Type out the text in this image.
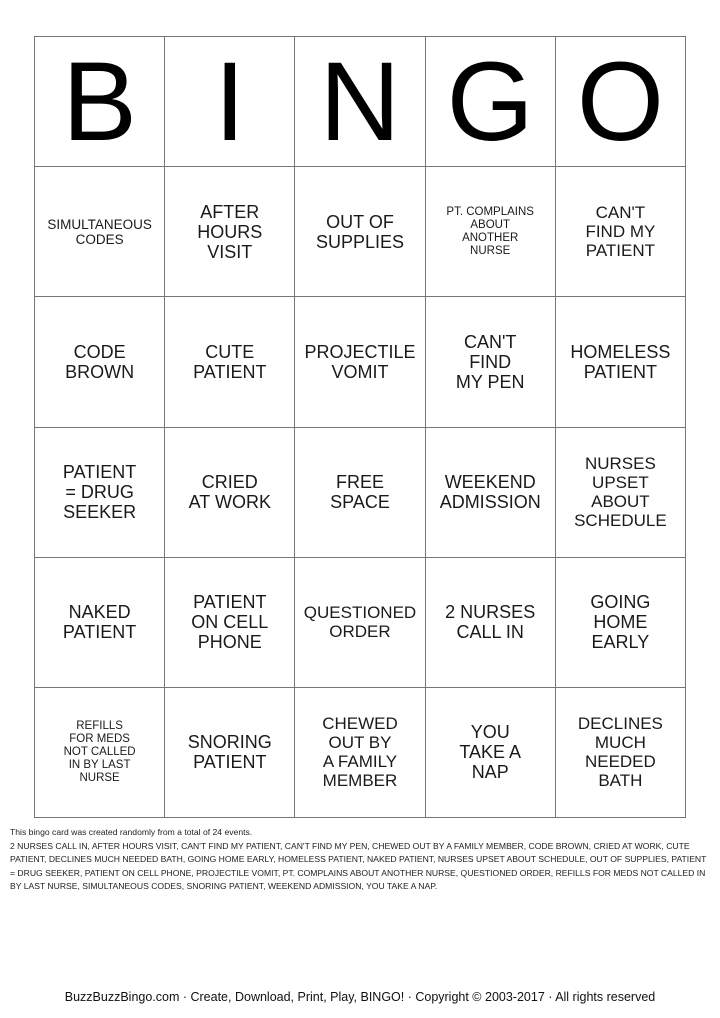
B I N G O
SIMULTANEOUS
CODES
AFTER
HOURS
VISIT
OUT OF
SUPPLIES
PT. COMPLAINS
ABOUT
ANOTHER
NURSE
CAN'T
FIND MY
PATIENT
CODE
BROWN
CUTE
PATIENT
PROJECTILE
VOMIT
CAN'T
FIND
MY PEN
HOMELESS
PATIENT
PATIENT
= DRUG
SEEKER
CRIED
AT WORK
FREE
SPACE
WEEKEND
ADMISSION
NURSES
UPSET
ABOUT
SCHEDULE
NAKED
PATIENT
PATIENT
ON CELL
PHONE
QUESTIONED
ORDER
2 NURSES
CALL IN
GOING
HOME
EARLY
REFILLS
FOR MEDS
NOT CALLED
IN BY LAST
NURSE
SNORING
PATIENT
CHEWED
OUT BY
A FAMILY
MEMBER
YOU
TAKE A
NAP
DECLINES
MUCH
NEEDED
BATH

This bingo card was created randomly from a total of 24 events.

2 NURSES CALL IN, AFTER HOURS VISIT, CAN'T FIND MY PATIENT, CAN'T FIND MY PEN, CHEWED OUT BY A FAMILY MEMBER, CODE BROWN, CRIED AT WORK, CUTE PATIENT, DECLINES MUCH NEEDED BATH, GOING HOME EARLY, HOMELESS PATIENT, NAKED PATIENT, NURSES UPSET ABOUT SCHEDULE, OUT OF SUPPLIES, PATIENT = DRUG SEEKER, PATIENT ON CELL PHONE, PROJECTILE VOMIT, PT. COMPLAINS ABOUT ANOTHER NURSE, QUESTIONED ORDER, REFILLS FOR MEDS NOT CALLED IN BY LAST NURSE, SIMULTANEOUS CODES, SNORING PATIENT, WEEKEND ADMISSION, YOU TAKE A NAP.

BuzzBuzzBingo.com · Create, Download, Print, Play, BINGO! · Copyright © 2003-2017 · All rights reserved
